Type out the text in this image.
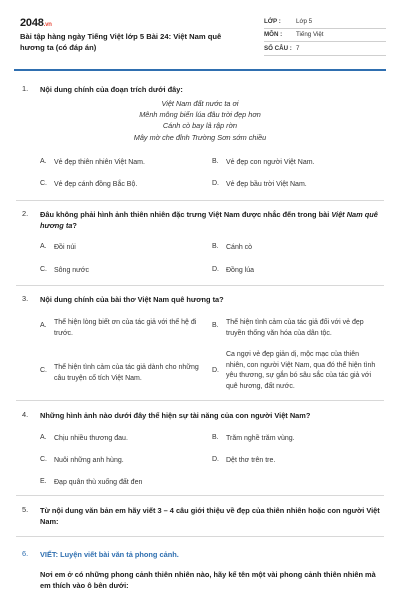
2048.vn
Bài tập hàng ngày Tiếng Việt lớp 5 Bài 24: Việt Nam quê hương ta (có đáp án)
LỚP :	Lớp 5
MÔN :	Tiếng Việt
SỐ CÂU : 7
1. Nội dung chính của đoạn trích dưới đây:
Việt Nam đất nước ta ơi
Mênh mông biển lúa đâu trời đẹp hơn
Cánh cò bay lả rập rờn
Mây mờ che đỉnh Trường Sơn sớm chiều
A. Vẻ đẹp thiên nhiên Việt Nam.	B. Vẻ đẹp con người Việt Nam.
C. Vẻ đẹp cánh đồng Bắc Bộ.	D. Vẻ đẹp bầu trời Việt Nam.
2. Đâu không phải hình ảnh thiên nhiên đặc trưng Việt Nam được nhắc đến trong bài Việt Nam quê hương ta?
A. Đồi núi	B. Cánh cò
C. Sông nước	D. Đồng lúa
3. Nội dung chính của bài thơ Việt Nam quê hương ta?
A. Thể hiện lòng biết ơn của tác giả với thế hệ đi trước.
B. Thể hiện tình cảm của tác giả đối với vẻ đẹp truyền thống văn hóa của dân tộc.
C. Thể hiện tình cảm của tác giả dành cho những câu truyện cổ tích Việt Nam.
D.
Ca ngợi vẻ đẹp giản dị, mộc mạc của thiên nhiên, con người Việt Nam, qua đó thể hiện tình yêu thương, sự gắn bó sâu sắc của tác giả với quê hương, đất nước.
4. Những hình ảnh nào dưới đây thể hiện sự tài năng của con người Việt Nam?
A. Chịu nhiều thương đau.	B. Trăm nghề trăm vùng.
C. Nuôi những anh hùng.	D. Dệt thơ trên tre.
E. Đạp quân thù xuống đất đen
5. Từ nội dung văn bản em hãy viết 3 – 4 câu giới thiệu về đẹp của thiên nhiên hoặc con người Việt Nam:
6. VIẾT: Luyện viết bài văn tả phong cảnh.
Nơi em ở có những phong cảnh thiên nhiên nào, hãy kể tên một vài phong cảnh thiên nhiên mà em thích vào ô bên dưới:
